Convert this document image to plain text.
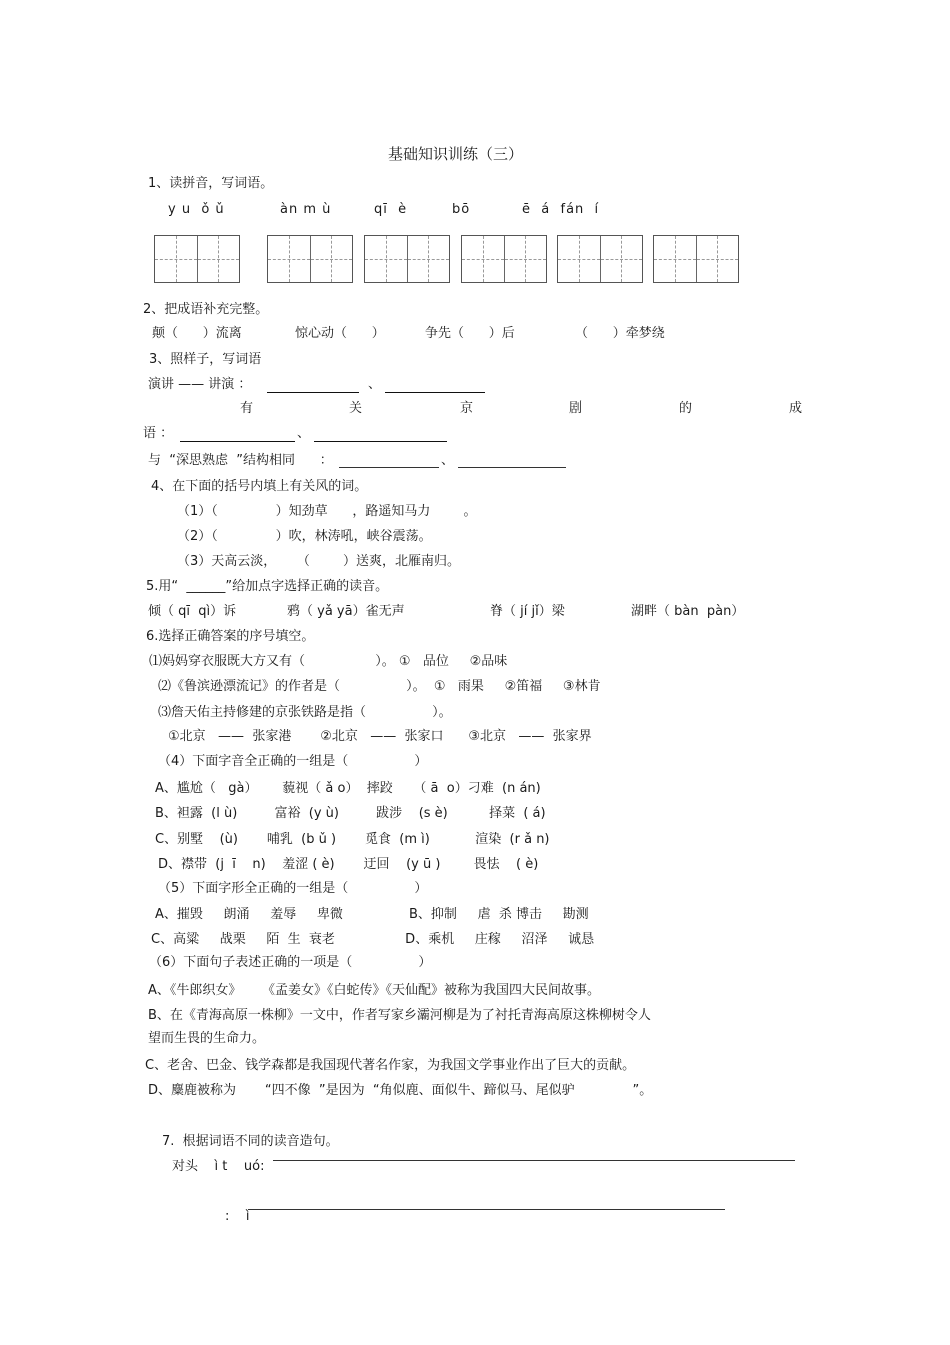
基础知识训练（三）
1、读拼音，写词语。
y u  ǒ ǔ	àn m ù	qī  è	bō	ē  á  fán  í
2、把成语补充完整。
颠（      ）流离	惊心动（      ）	争先（      ）后	（      ）牵梦绕
3、照样子，写词语
演讲 —— 讲演 ：	、
有	关	京	剧	的	成
语 ：	、
与  “深思熟虑  ”结构相同      ：	、
4、在下面的括号内填上有关风的词。
（1）（              ）知劲草      ，路遥知马力        。
（2）（              ）吹，林涛吼，峡谷震荡。
（3）天高云淡，     （        ）送爽，北雁南归。
5.用“  ______”给加点字选择正确的读音。
倾（ qī  qì）诉	鸦（ yǎ yā）雀无声	脊（ jí jǐ）梁	湖畔（ bàn  pàn）
6.选择正确答案的序号填空。
⑴妈妈穿衣服既大方又有（                 ）。 ①   品位     ②品味
⑵《鲁滨逊漂流记》的作者是（                ）。  ①   雨果     ②笛福     ③林肯
⑶詹天佑主持修建的京张铁路是指（                ）。
①北京   ——  张家港       ②北京   ——  张家口      ③北京   ——  张家界
（4）下面字音全正确的一组是（                ）
A、尴尬（   gà）      藐视（ ǎ o）  摔跤     （ ā  o）刁难  (n án)
B、袒露  (l ù)         富裕  (y ù)         跋涉    (s è)          择菜  ( á)
C、别墅    (ù)       哺乳  (b ǔ )       觅食  (m ì)           渲染  (r ǎ n)
D、襟带  (j  ī    n)    羞涩 ( è)       迂回    (y ū )        畏怯    ( è)
（5）下面字形全正确的一组是（                ）
A、摧毁     朗涌     羞辱     卑微                B、抑制     虐  杀 博击     勘测
C、高粱     战栗     陌  生  衰老                 D、乘机     庄稼     沼泽     诚恳
（6）下面句子表述正确的一项是（                ）
A、《牛郎织女》     《孟姜女》《白蛇传》《天仙配》被称为我国四大民间故事。
B、在《青海高原一株柳》一文中，作者写家乡灞河柳是为了衬托青海高原这株柳树令人
望而生畏的生命力。
C、老舍、巴金、钱学森都是我国现代著名作家，为我国文学事业作出了巨大的贡献。
D、麋鹿被称为       “四不像  ”是因为  “角似鹿、面似牛、蹄似马、尾似驴              ”。
7.  根据词语不同的读音造句。
对头    ì t    uó:
:    ì
